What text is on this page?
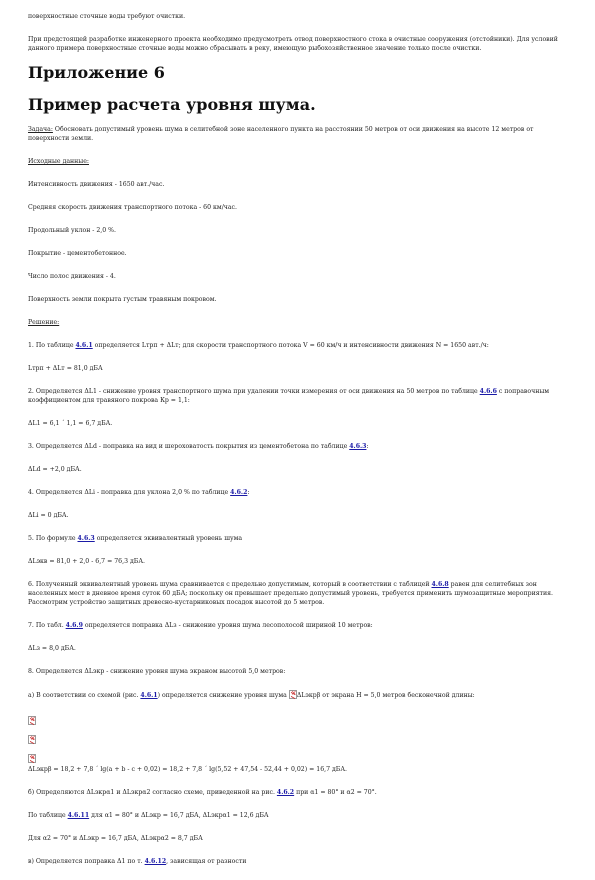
поверхностные сточные воды требуют очистки.

При предстоящей разработке инженерного проекта необходимо предусмотреть отвод поверхностного стока в очистные сооружения (отстойники). Для условий данного примера поверхностные сточные воды можно сбрасывать в реку, имеющую рыбохозяйственное значение только после очистки.

Приложение 6
Пример расчета уровня шума.

Задача: Обосновать допустимый уровень шума в селитебной зоне населенного пункта на расстоянии 50 метров от оси движения на высоте 12 метров от поверхности земли.

Исходные данные:

Интенсивность движения - 1650 авт./час.

Средняя скорость движения транспортного потока - 60 км/час.

Продольный уклон - 2,0 %.

Покрытие - цементобетонное.

Число полос движения - 4.

Поверхность земли покрыта густым травяным покровом.

Решение:

1. По таблице 4.6.1 определяется Lтрп + ΔLт; для скорости транспортного потока V = 60 км/ч и интенсивности движения N = 1650 авт./ч:

Lтрп + ΔLт = 81,0 дБА

2. Определяется ΔL1 - снижение уровня транспортного шума при удалении точки измерения от оси движения на 50 метров по таблице 4.6.6 с поправочным коэффициентом для травяного покрова Кр = 1,1:

ΔL1 = 6,1 ´ 1,1 = 6,7 дБА.

3. Определяется ΔLd - поправка на вид и шероховатость покрытия из цементобетона по таблице 4.6.3:

ΔLd = +2,0 дБА.

4. Определяется ΔLi - поправка для уклона 2,0 % по таблице 4.6.2:

ΔLi = 0 дБА.

5. По формуле 4.6.3 определяется эквивалентный уровень шума

ΔLэкв = 81,0 + 2,0 - 6,7 = 76,3 дБА.

6. Полученный эквивалентный уровень шума сравнивается с предельно допустимым, который в соответствии с таблицей 4.6.8 равен для селитебных зон населенных мест в дневное время суток 60 дБА; поскольку он превышает предельно допустимый уровень, требуется применить шумозащитные мероприятия. Рассмотрим устройство защитных древесно-кустарниковых посадок высотой до 5 метров.

7. По табл. 4.6.9 определяется поправка ΔLз - снижение уровня шума лесополосой шириной 10 метров:

ΔLз = 8,0 дБА.

8. Определяется ΔLэкр - снижение уровня шума экраном высотой 5,0 метров:

а) В соответствии со схемой (рис. 4.6.1) определяется снижение уровня шума ×ΔLэкрβ от экрана Н = 5,0 метров бесконечной длины:

×
×
×

ΔLэкрβ = 18,2 + 7,8 ´ lg(a + b - c + 0,02) = 18,2 + 7,8 ´ lg(5,52 + 47,54 - 52,44 + 0,02) = 16,7 дБА.

б) Определяются ΔLэкрα1 и ΔLэкрα2 согласно схеме, приведенной на рис. 4.6.2 при α1 = 80° и α2 = 70°.

По таблице 4.6.11 для α1 = 80° и ΔLэкр = 16,7 дБА, ΔLэкрα1 = 12,6 дБА

Для α2 = 70° и ΔLэкр = 16,7 дБА, ΔLэкрα2 = 8,7 дБА

в) Определяется поправка Δ1 по т. 4.6.12, зависящая от разности
